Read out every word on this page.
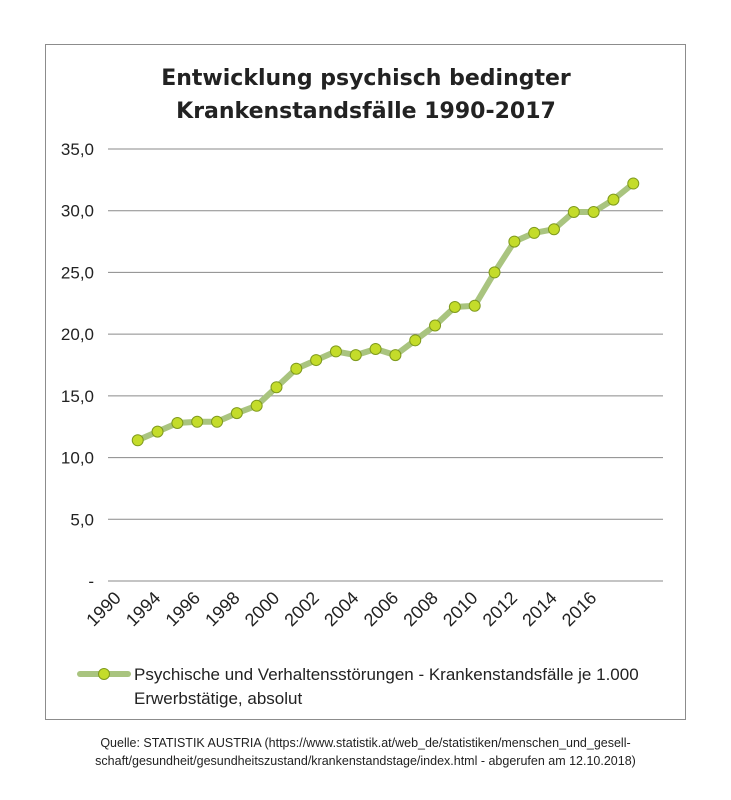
Entwicklung psychisch bedingter
Krankenstandsfälle 1990-2017
-
5,0
10,0
15,0
20,0
25,0
30,0
35,0
1990
1994
1996
1998
2000
2002
2004
2006
2008
2010
2012
2014
2016
Psychische und Verhaltensstörungen - Krankenstandsfälle je 1.000
Erwerbstätige, absolut
Quelle: STATISTIK AUSTRIA (https://www.statistik.at/web_de/statistiken/menschen_und_gesell-
schaft/gesundheit/gesundheitszustand/krankenstandstage/index.html - abgerufen am 12.10.2018)
